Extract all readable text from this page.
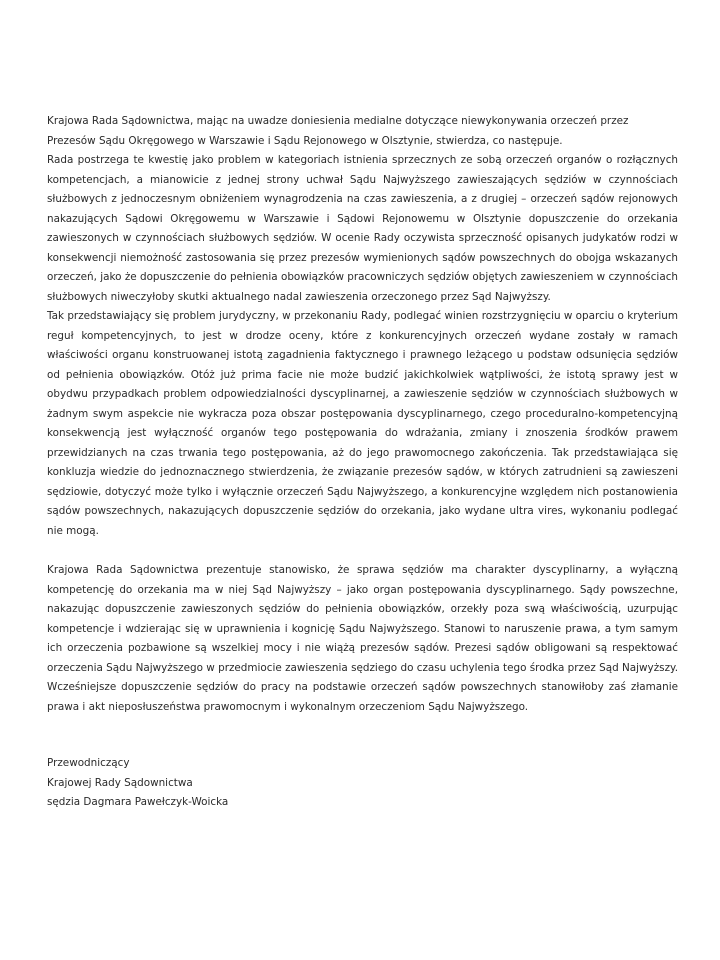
Krajowa Rada Sądownictwa, mając na uwadze doniesienia medialne dotyczące niewykonywania orzeczeń przez Prezesów Sądu Okręgowego w Warszawie i Sądu Rejonowego w Olsztynie, stwierdza, co następuje.

Rada postrzega te kwestię jako problem w kategoriach istnienia sprzecznych ze sobą orzeczeń organów o rozłącznych kompetencjach, a mianowicie z jednej strony uchwał Sądu Najwyższego zawieszających sędziów w czynnościach służbowych z jednoczesnym obniżeniem wynagrodzenia na czas zawieszenia, a z drugiej – orzeczeń sądów rejonowych nakazujących Sądowi Okręgowemu w Warszawie i Sądowi Rejonowemu w Olsztynie dopuszczenie do orzekania zawieszonych w czynnościach służbowych sędziów. W ocenie Rady oczywista sprzeczność opisanych judykatów rodzi w konsekwencji niemożność zastosowania się przez prezesów wymienionych sądów powszechnych do obojga wskazanych orzeczeń, jako że dopuszczenie do pełnienia obowiązków pracowniczych sędziów objętych zawieszeniem w czynnościach służbowych niweczyłoby skutki aktualnego nadal zawieszenia orzeczonego przez Sąd Najwyższy.

Tak przedstawiający się problem jurydyczny, w przekonaniu Rady, podlegać winien rozstrzygnięciu w oparciu o kryterium reguł kompetencyjnych, to jest w drodze oceny, które z konkurencyjnych orzeczeń wydane zostały w ramach właściwości organu konstruowanej istotą zagadnienia faktycznego i prawnego leżącego u podstaw odsunięcia sędziów od pełnienia obowiązków. Otóż już prima facie nie może budzić jakichkolwiek wątpliwości, że istotą sprawy jest w obydwu przypadkach problem odpowiedzialności dyscyplinarnej, a zawieszenie sędziów w czynnościach służbowych w żadnym swym aspekcie nie wykracza poza obszar postępowania dyscyplinarnego, czego proceduralno-kompetencyjną konsekwencją jest wyłączność organów tego postępowania do wdrażania, zmiany i znoszenia środków prawem przewidzianych na czas trwania tego postępowania, aż do jego prawomocnego zakończenia. Tak przedstawiająca się konkluzja wiedzie do jednoznacznego stwierdzenia, że związanie prezesów sądów, w których zatrudnieni są zawieszeni sędziowie, dotyczyć może tylko i wyłącznie orzeczeń Sądu Najwyższego, a konkurencyjne względem nich postanowienia sądów powszechnych, nakazujących dopuszczenie sędziów do orzekania, jako wydane ultra vires, wykonaniu podlegać nie mogą.

Krajowa Rada Sądownictwa prezentuje stanowisko, że sprawa sędziów ma charakter dyscyplinarny, a wyłączną kompetencję do orzekania ma w niej Sąd Najwyższy – jako organ postępowania dyscyplinarnego. Sądy powszechne, nakazując dopuszczenie zawieszonych sędziów do pełnienia obowiązków, orzekły poza swą właściwością, uzurpując kompetencje i wdzierając się w uprawnienia i kognicję Sądu Najwyższego. Stanowi to naruszenie prawa, a tym samym ich orzeczenia pozbawione są wszelkiej mocy i nie wiążą prezesów sądów. Prezesi sądów obligowani są respektować orzeczenia Sądu Najwyższego w przedmiocie zawieszenia sędziego do czasu uchylenia tego środka przez Sąd Najwyższy. Wcześniejsze dopuszczenie sędziów do pracy na podstawie orzeczeń sądów powszechnych stanowiłoby zaś złamanie prawa i akt nieposłuszeństwa prawomocnym i wykonalnym orzeczeniom Sądu Najwyższego.

Przewodniczący
Krajowej Rady Sądownictwa
sędzia Dagmara Pawełczyk-Woicka
